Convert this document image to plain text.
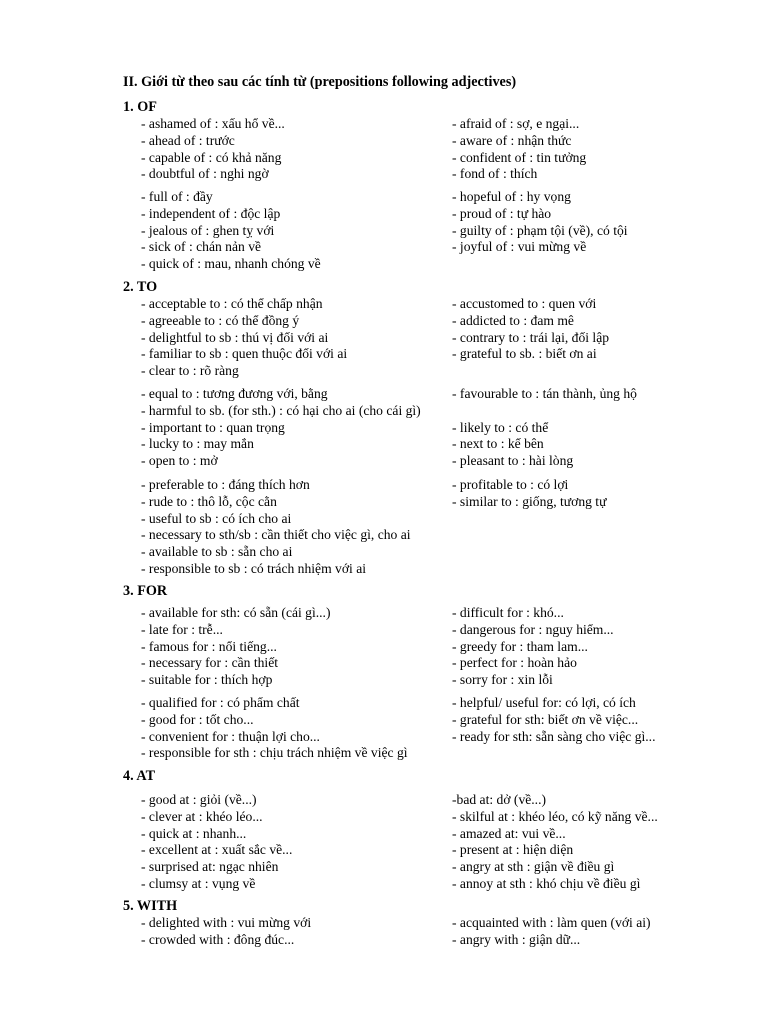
II. Giới từ theo sau các tính từ (prepositions following adjectives)
1. OF
- ashamed of : xấu hổ về...	- afraid of : sợ, e ngại...
- ahead of : trước	- aware of : nhận thức
- capable of : có khả năng	- confident of : tin tưởng
- doubtful of : nghi ngờ	- fond of : thích
- full of : đầy	- hopeful of : hy vọng
- independent of : độc lập	- proud of : tự hào
- jealous of : ghen tỵ với	- guilty of : phạm tội (về), có tội
- sick of : chán nản về	- joyful of : vui mừng về
- quick of : mau, nhanh chóng về
2. TO
- acceptable to : có thể chấp nhận	- accustomed to : quen với
- agreeable to : có thể đồng ý	- addicted to : đam mê
- delightful to sb : thú vị đối với ai	- contrary to : trái lại, đối lập
- familiar to sb : quen thuộc đối với ai	- grateful to sb. : biết ơn ai
- clear to : rõ ràng
- equal to : tương đương với, bằng	- favourable to : tán thành, ủng hộ
- harmful to sb. (for sth.) : có hại cho ai (cho cái gì)
- important to : quan trọng	- likely to : có thể
- lucky to : may mắn	- next to : kế bên
- open to : mở	- pleasant to : hài lòng
- preferable to : đáng thích hơn	- profitable to : có lợi
- rude to : thô lỗ, cộc cằn	- similar to : giống, tương tự
- useful to sb : có ích cho ai
- necessary to sth/sb : cần thiết cho việc gì, cho ai
- available to sb : sẵn cho ai
- responsible to sb : có trách nhiệm với ai
3. FOR
- available for sth: có sẵn (cái gì...)	- difficult for : khó...
- late for : trễ...	- dangerous for : nguy hiểm...
- famous for : nổi tiếng...	- greedy for : tham lam...
- necessary for : cần thiết	- perfect for : hoàn hảo
- suitable for : thích hợp	- sorry for : xin lỗi
- qualified for : có phẩm chất	- helpful/ useful for: có lợi, có ích
- good for : tốt cho...	- grateful for sth: biết ơn về việc...
- convenient for : thuận lợi cho...	- ready for sth: sẵn sàng cho việc gì...
- responsible for sth : chịu trách nhiệm về việc gì
4. AT
- good at : giỏi (về...)	-bad at: dở (về...)
- clever at : khéo léo...	- skilful at : khéo léo, có kỹ năng về...
- quick at : nhanh...	- amazed at: vui về...
- excellent at : xuất sắc về...	- present at : hiện diện
- surprised at: ngạc nhiên	- angry at sth : giận về điều gì
- clumsy at : vụng về	- annoy at sth : khó chịu về điều gì
5. WITH
- delighted with : vui mừng với	- acquainted with : làm quen (với ai)
- crowded with : đông đúc...	- angry with : giận dữ...
